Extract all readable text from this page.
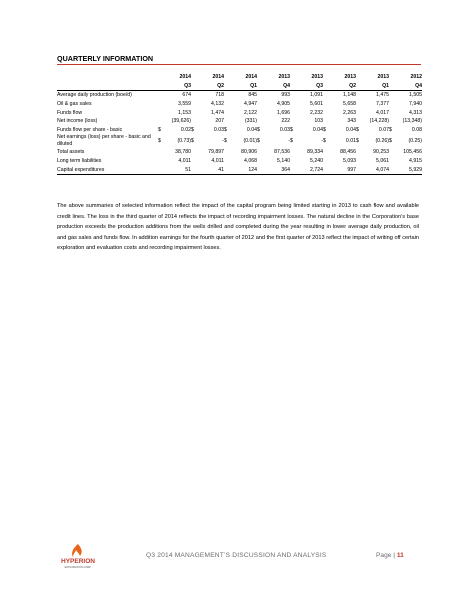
QUARTERLY INFORMATION
		2014		2014		2014		2013		2013		2013		2013		2012
		Q3		Q2		Q1		Q4		Q3		Q2		Q1		Q4
Average daily production (boe/d)		674		718		845		993		1,091		1,148		1,475		1,505
Oil & gas sales		3,559		4,132		4,947		4,905		5,601		5,658		7,377		7,940
Funds flow		1,153		1,474		2,122		1,696		2,232		2,263		4,017		4,313
Net income (loss)		(39,626)		207		(331)		222		103		343		(14,228)		(13,348)
Funds flow per share - basic	$	0.02	$	0.03	$	0.04	$	0.03	$	0.04	$	0.04	$	0.07	$	0.08
Net earnings (loss) per share - basic and diluted	$	(0.73)	$	-	$	(0.01)	$	-	$	-	$	0.01	$	(0.26)	$	(0.25)
Total assets		38,780		79,897		80,906		87,536		89,334		88,456		90,253		105,456
Long term liabilities		4,011		4,011		4,068		5,140		5,240		5,093		5,061		4,915
Capital expenditures		51		41		124		364		2,724		997		4,074		5,929
The above summaries of selected information reflect the impact of the capital program being limited starting in 2013 to cash flow and available credit lines. The loss in the third quarter of 2014 reflects the impact of recording impairment losses. The natural decline in the Corporation’s base production exceeds the production additions from the wells drilled and completed during the year resulting in lower average daily production, oil and gas sales and funds flow. In addition earnings for the fourth quarter of 2012 and the first quarter of 2013 reflect the impact of writing off certain exploration and evaluation costs and recording impairment losses.
HYPERION
EXPLORATION CORP.
Q3 2014 MANAGEMENT’S DISCUSSION AND ANALYSIS	Page | 11
